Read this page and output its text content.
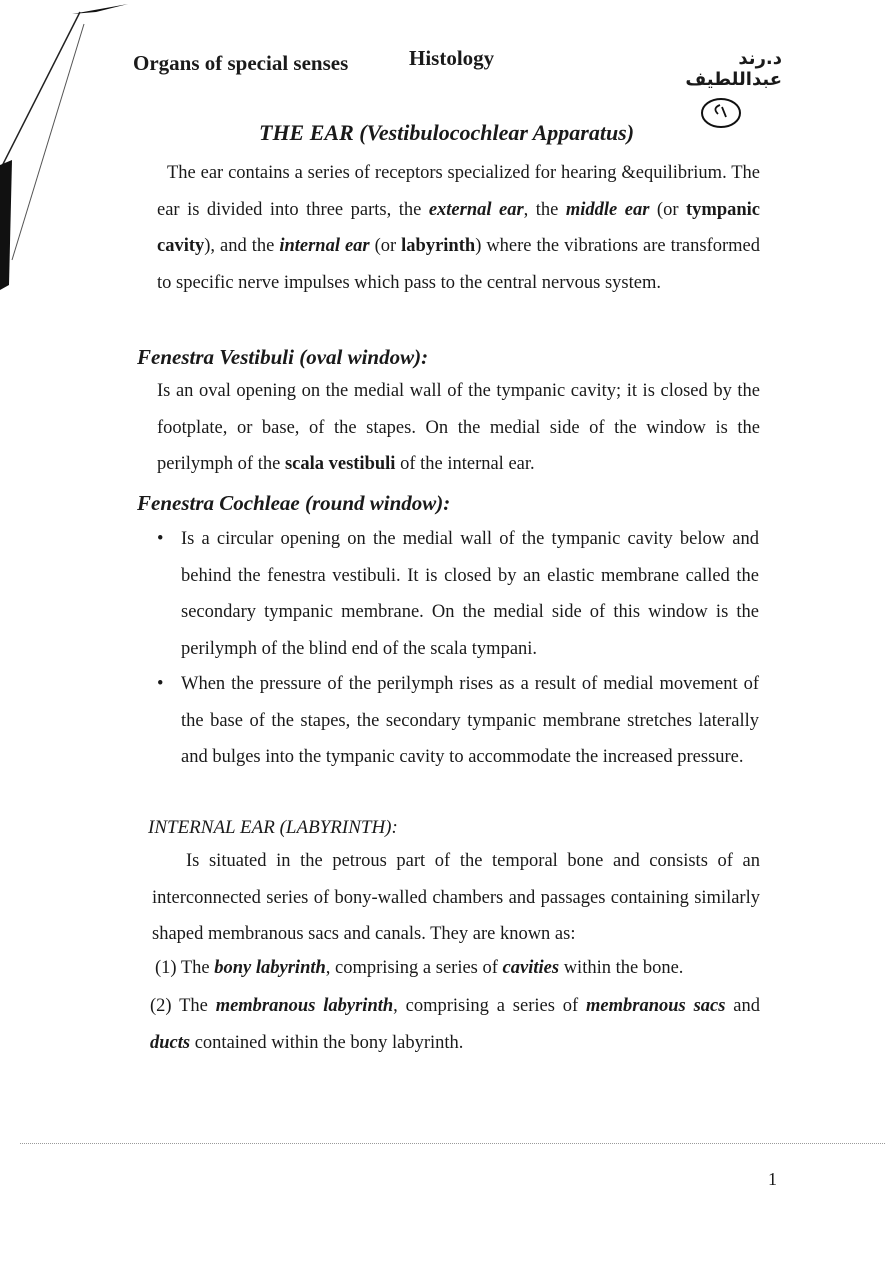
Organs of special senses	Histology	د.رند عبداللطيف
THE EAR (Vestibulocochlear Apparatus)
The ear contains a series of receptors specialized for hearing &equilibrium. The ear is divided into three parts, the external ear, the middle ear (or tympanic cavity), and the internal ear (or labyrinth) where the vibrations are transformed to specific nerve impulses which pass to the central nervous system.
Fenestra Vestibuli (oval window):
Is an oval opening on the medial wall of the tympanic cavity; it is closed by the footplate, or base, of the stapes. On the medial side of the window is the perilymph of the scala vestibuli of the internal ear.
Fenestra Cochleae (round window):
• Is a circular opening on the medial wall of the tympanic cavity below and behind the fenestra vestibuli. It is closed by an elastic membrane called the secondary tympanic membrane. On the medial side of this window is the perilymph of the blind end of the scala tympani.
• When the pressure of the perilymph rises as a result of medial movement of the base of the stapes, the secondary tympanic membrane stretches laterally and bulges into the tympanic cavity to accommodate the increased pressure.
INTERNAL EAR (LABYRINTH):
Is situated in the petrous part of the temporal bone and consists of an interconnected series of bony-walled chambers and passages containing similarly shaped membranous sacs and canals. They are known as:
(1) The bony labyrinth, comprising a series of cavities within the bone.
(2) The membranous labyrinth, comprising a series of membranous sacs and ducts contained within the bony labyrinth.
1
